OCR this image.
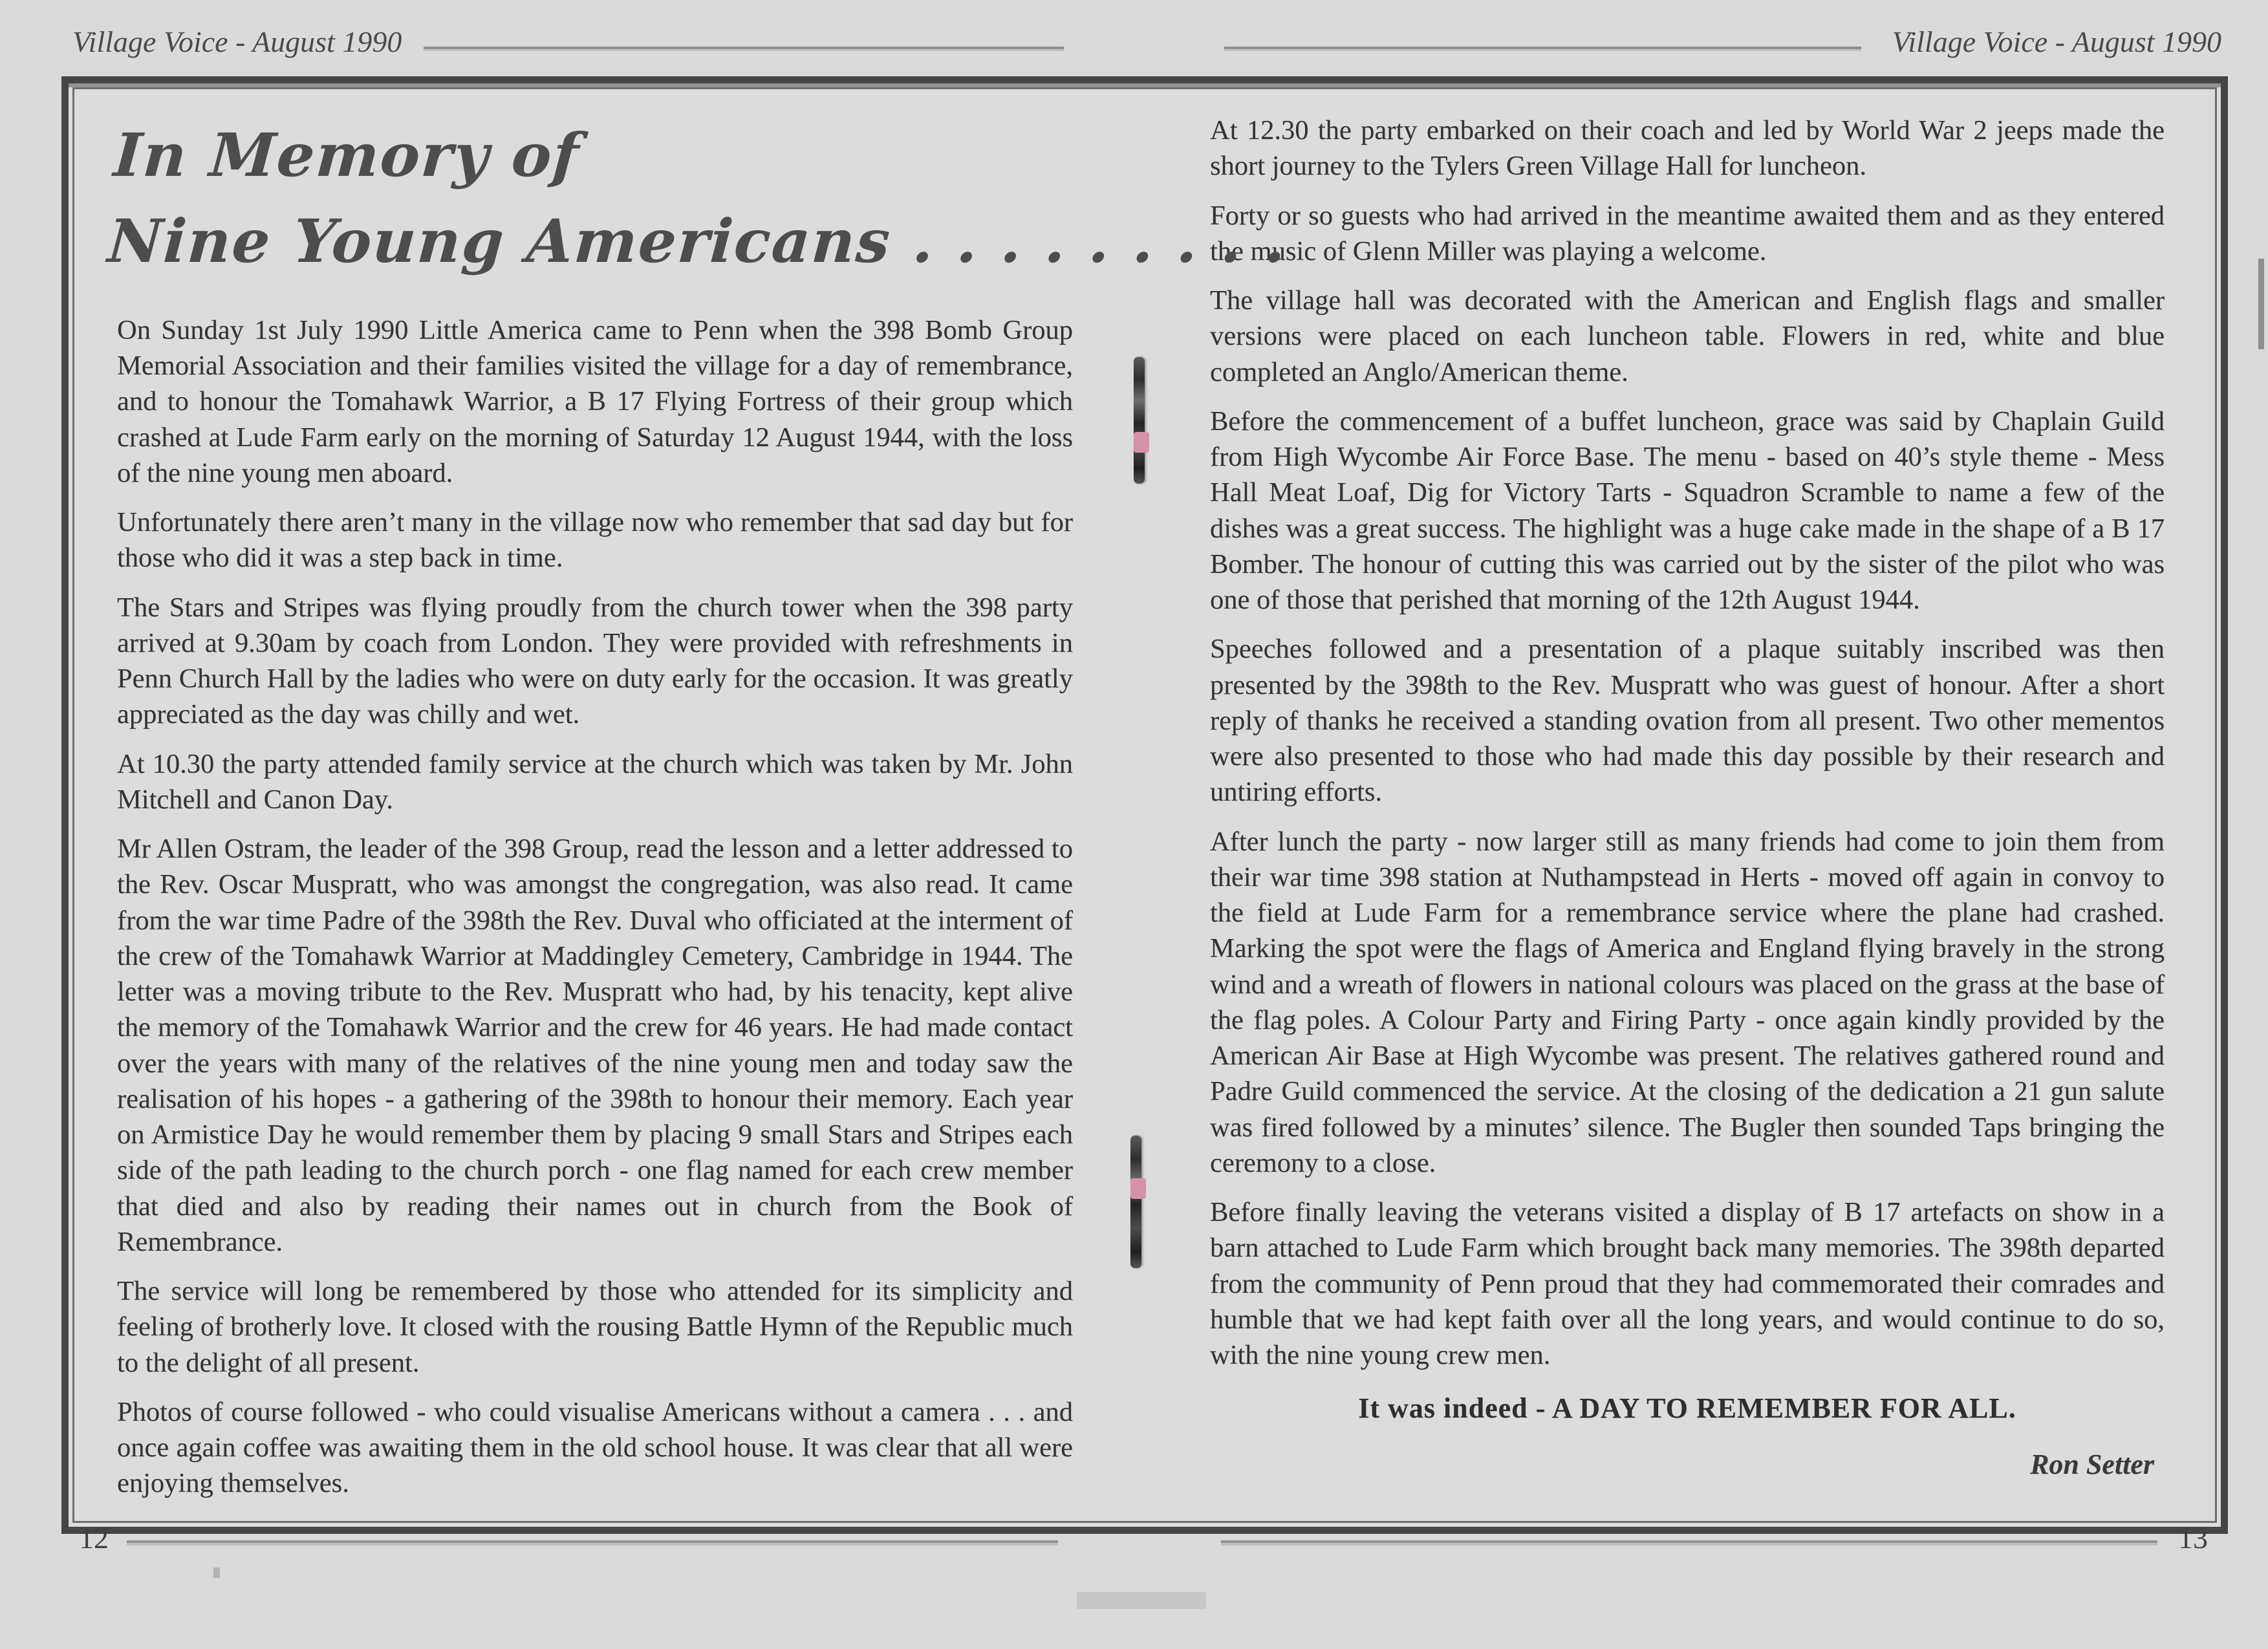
Village Voice - August 1990	Village Voice - August 1990
In Memory of
Nine Young Americans . . . . . . . . .

On Sunday 1st July 1990 Little America came to Penn when the 398 Bomb Group Memorial Association and their families visited the village for a day of remembrance, and to honour the Tomahawk Warrior, a B 17 Flying Fortress of their group which crashed at Lude Farm early on the morning of Saturday 12 August 1944, with the loss of the nine young men aboard.

Unfortunately there aren’t many in the village now who remember that sad day but for those who did it was a step back in time.

The Stars and Stripes was flying proudly from the church tower when the 398 party arrived at 9.30am by coach from London. They were provided with refreshments in Penn Church Hall by the ladies who were on duty early for the occasion. It was greatly appreciated as the day was chilly and wet.

At 10.30 the party attended family service at the church which was taken by Mr. John Mitchell and Canon Day.

Mr Allen Ostram, the leader of the 398 Group, read the lesson and a letter addressed to the Rev. Oscar Muspratt, who was amongst the congregation, was also read. It came from the war time Padre of the 398th the Rev. Duval who officiated at the interment of the crew of the Tomahawk Warrior at Maddingley Cemetery, Cambridge in 1944. The letter was a moving tribute to the Rev. Muspratt who had, by his tenacity, kept alive the memory of the Tomahawk Warrior and the crew for 46 years. He had made contact over the years with many of the relatives of the nine young men and today saw the realisation of his hopes - a gathering of the 398th to honour their memory. Each year on Armistice Day he would remember them by placing 9 small Stars and Stripes each side of the path leading to the church porch - one flag named for each crew member that died and also by reading their names out in church from the Book of Remembrance.

The service will long be remembered by those who attended for its simplicity and feeling of brotherly love. It closed with the rousing Battle Hymn of the Republic much to the delight of all present.

Photos of course followed - who could visualise Americans without a camera . . . and once again coffee was awaiting them in the old school house. It was clear that all were enjoying themselves.

At 12.30 the party embarked on their coach and led by World War 2 jeeps made the short journey to the Tylers Green Village Hall for luncheon.

Forty or so guests who had arrived in the meantime awaited them and as they entered the music of Glenn Miller was playing a welcome.

The village hall was decorated with the American and English flags and smaller versions were placed on each luncheon table. Flowers in red, white and blue completed an Anglo/American theme.

Before the commencement of a buffet luncheon, grace was said by Chaplain Guild from High Wycombe Air Force Base. The menu - based on 40’s style theme - Mess Hall Meat Loaf, Dig for Victory Tarts - Squadron Scramble to name a few of the dishes was a great success. The highlight was a huge cake made in the shape of a B 17 Bomber. The honour of cutting this was carried out by the sister of the pilot who was one of those that perished that morning of the 12th August 1944.

Speeches followed and a presentation of a plaque suitably inscribed was then presented by the 398th to the Rev. Muspratt who was guest of honour. After a short reply of thanks he received a standing ovation from all present. Two other mementos were also presented to those who had made this day possible by their research and untiring efforts.

After lunch the party - now larger still as many friends had come to join them from their war time 398 station at Nuthampstead in Herts - moved off again in convoy to the field at Lude Farm for a remembrance service where the plane had crashed. Marking the spot were the flags of America and England flying bravely in the strong wind and a wreath of flowers in national colours was placed on the grass at the base of the flag poles. A Colour Party and Firing Party - once again kindly provided by the American Air Base at High Wycombe was present. The relatives gathered round and Padre Guild commenced the service. At the closing of the dedication a 21 gun salute was fired followed by a minutes’ silence. The Bugler then sounded Taps bringing the ceremony to a close.

Before finally leaving the veterans visited a display of B 17 artefacts on show in a barn attached to Lude Farm which brought back many memories. The 398th departed from the community of Penn proud that they had commemorated their comrades and humble that we had kept faith over all the long years, and would continue to do so, with the nine young crew men.

It was indeed - A DAY TO REMEMBER FOR ALL.

Ron Setter

12	13
